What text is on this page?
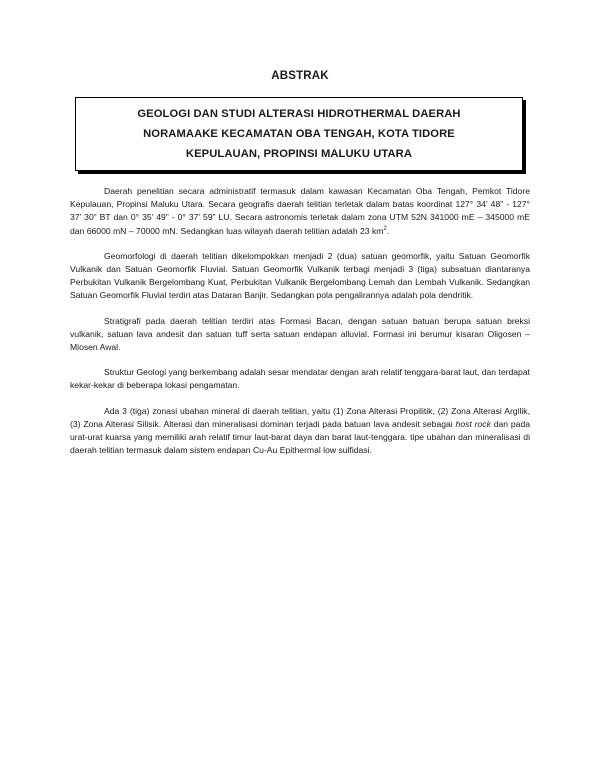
ABSTRAK
GEOLOGI DAN STUDI ALTERASI HIDROTHERMAL DAERAH
NORAMAAKE KECAMATAN OBA TENGAH, KOTA TIDORE
KEPULAUAN, PROPINSI MALUKU UTARA

Daerah penelitian secara administratif termasuk dalam kawasan Kecamatan Oba Tengah, Pemkot Tidore Kepulauan, Propinsi Maluku Utara. Secara geografis daerah telitian terletak dalam batas koordinat 127° 34’ 48” - 127° 37’ 30” BT dan 0° 35’ 49” - 0° 37’ 59” LU. Secara astronomis terletak dalam zona UTM 52N 341000 mE – 345000 mE dan 66000 mN – 70000 mN. Sedangkan luas wilayah daerah telitian adalah 23 $km^2$.

Geomorfologi di daerah telitian dikelompokkan menjadi 2 (dua) satuan geomorfik, yaitu Satuan Geomorfik Vulkanik dan Satuan Geomorfik Fluvial. Satuan Geomorfik Vulkanik terbagi menjadi 3 (tiga) subsatuan diantaranya Perbukitan Vulkanik Bergelombang Kuat, Perbukitan Vulkanik Bergelombang Lemah dan Lembah Vulkanik. Sedangkan Satuan Geomorfik Fluvial terdiri atas Dataran Banjir. Sedangkan pola pengalirannya adalah pola dendritik.

Stratigrafi pada daerah telitian terdiri atas Formasi Bacan, dengan satuan batuan berupa satuan breksi vulkanik, satuan lava andesit dan satuan tuff serta satuan endapan alluvial. Formasi ini berumur kisaran Oligosen – Miosen Awal.

Struktur Geologi yang berkembang adalah sesar mendatar dengan arah relatif tenggara-barat laut, dan terdapat kekar-kekar di beberapa lokasi pengamatan.

Ada 3 (tiga) zonasi ubahan mineral di daerah telitian, yaitu (1) Zona Alterasi Propilitik, (2) Zona Alterasi Argilik, (3) Zona Alterasi Silisik. Alterasi dan mineralisasi dominan terjadi pada batuan lava andesit sebagai host rock dan pada urat-urat kuarsa yang memiliki arah relatif timur laut-barat daya dan barat laut-tenggara. tipe ubahan dan mineralisasi di daerah telitian termasuk dalam sistem endapan Cu-Au Epithermal low sulfidasi.
